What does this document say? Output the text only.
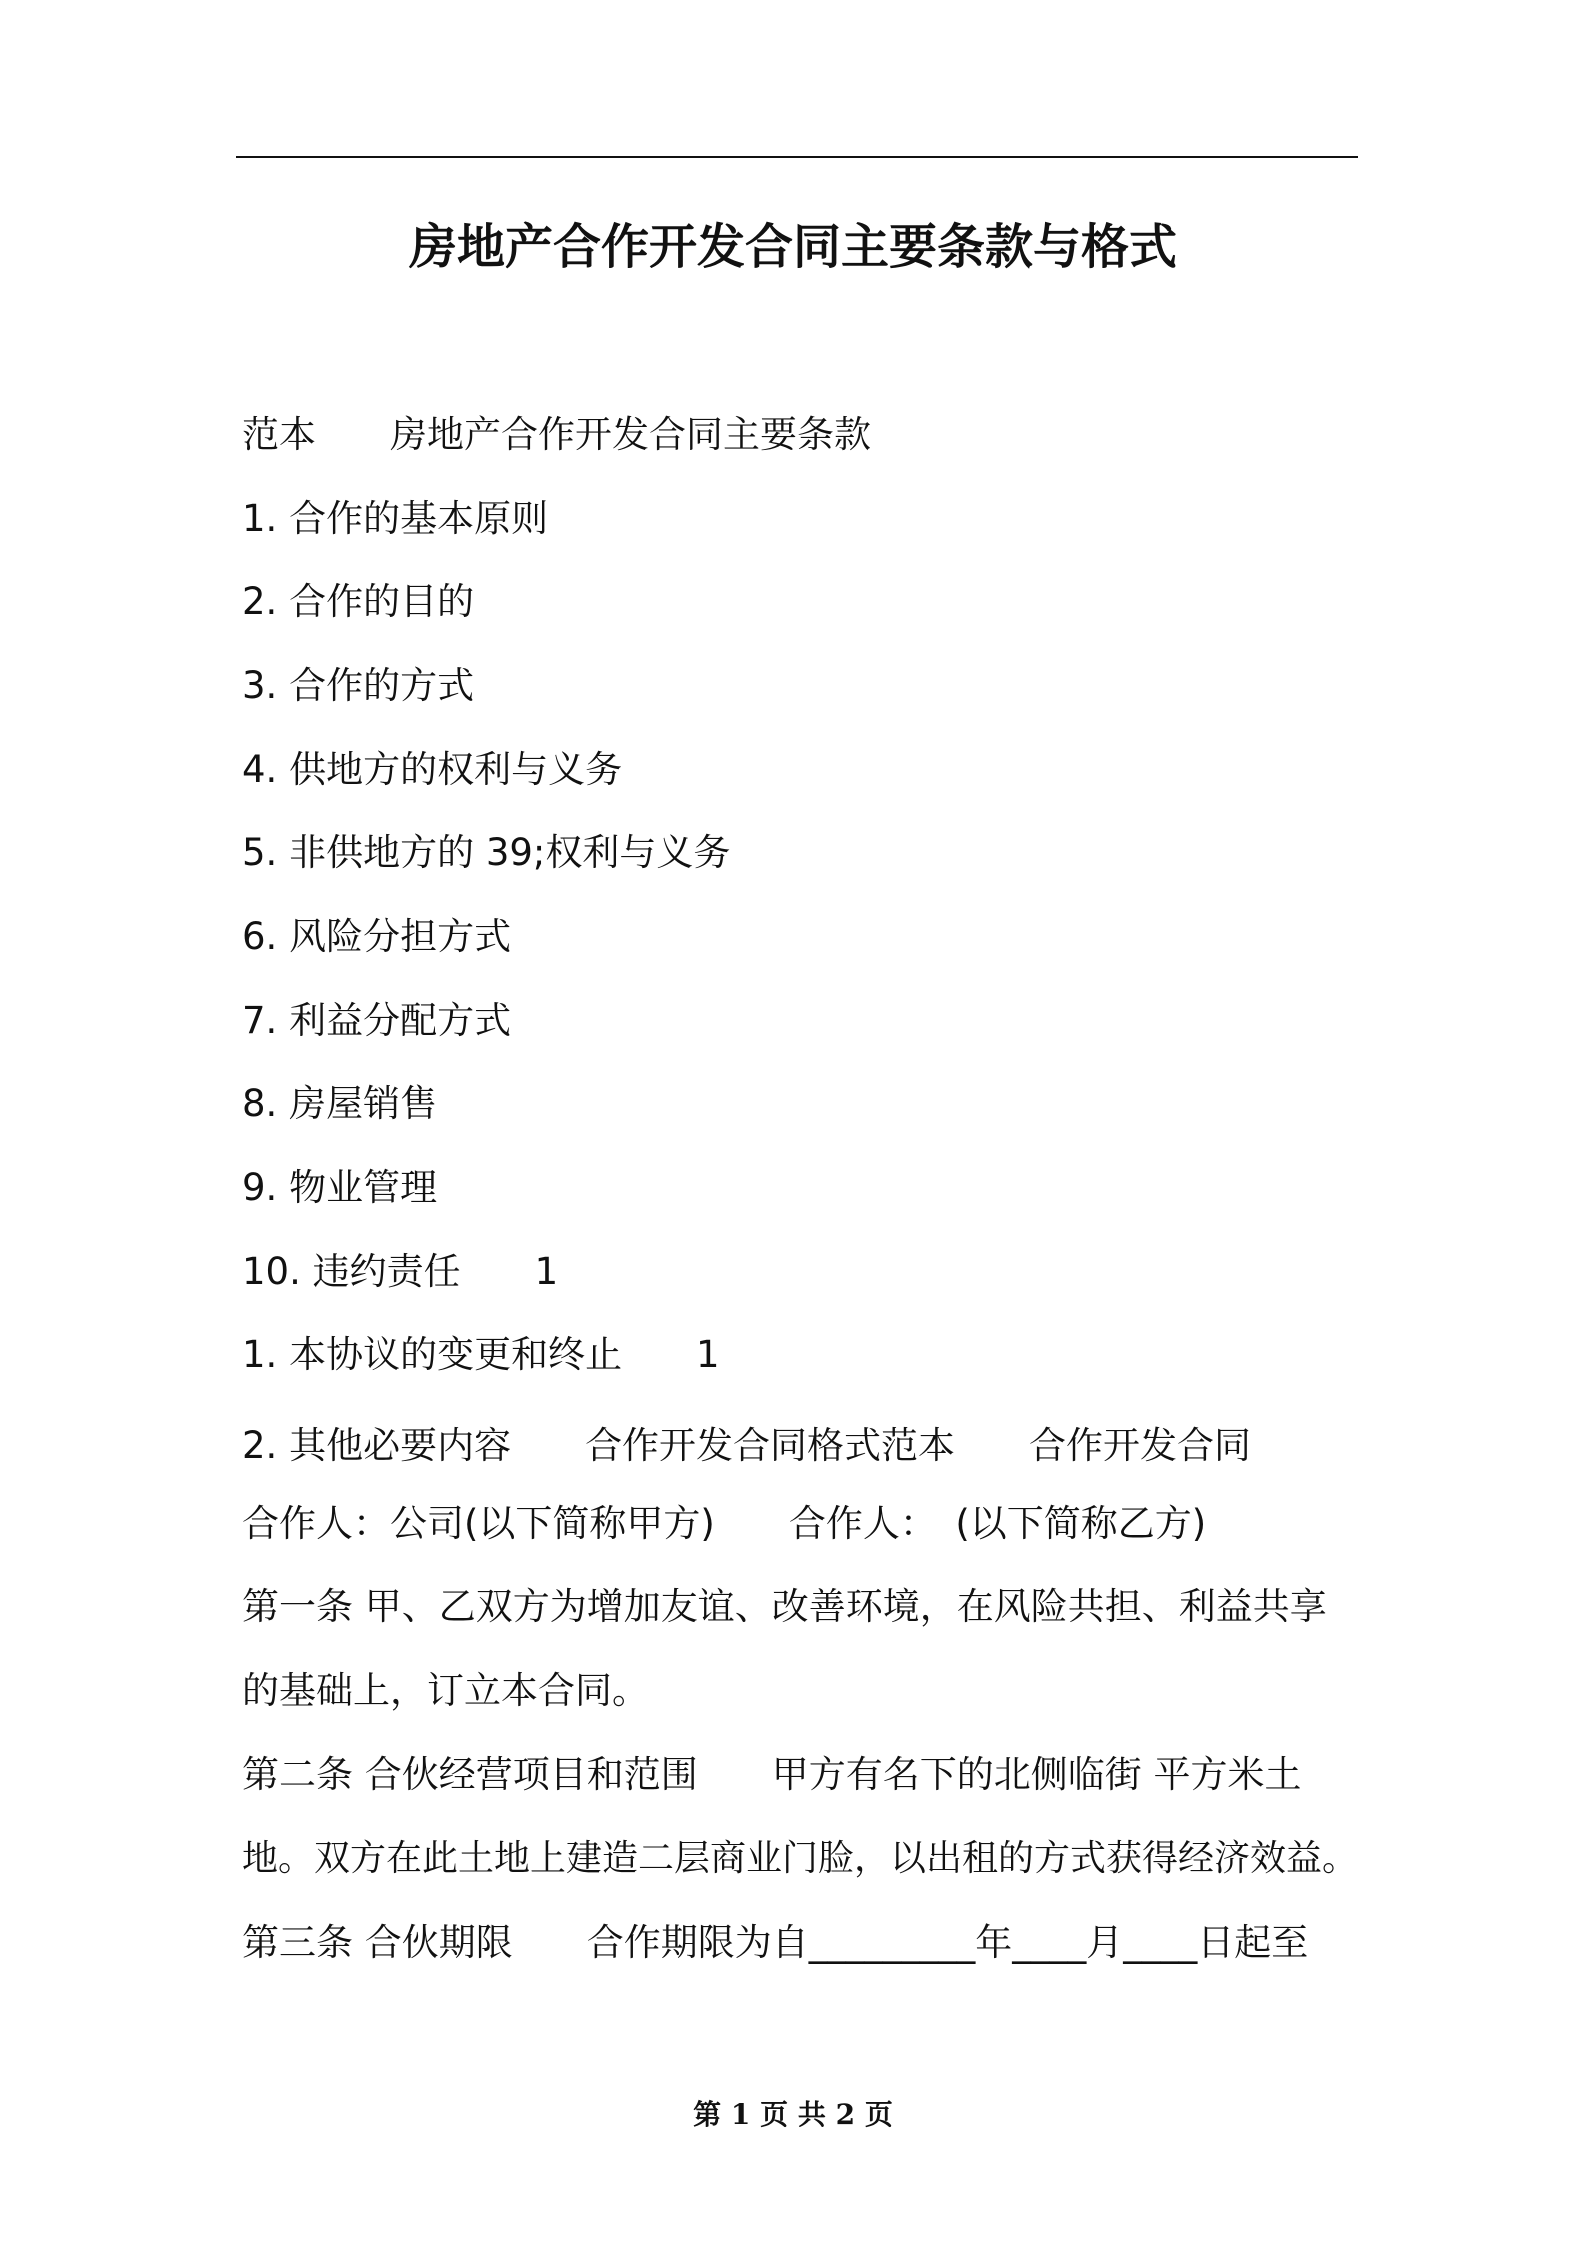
房地产合作开发合同主要条款与格式
范本　　房地产合作开发合同主要条款
1. 合作的基本原则
2. 合作的目的
3. 合作的方式
4. 供地方的权利与义务
5. 非供地方的 39;权利与义务
6. 风险分担方式
7. 利益分配方式
8. 房屋销售
9. 物业管理
10. 违约责任　　1
1. 本协议的变更和终止　　1
2. 其他必要内容　　合作开发合同格式范本　　合作开发合同
合作人：公司(以下简称甲方)　　合作人：　(以下简称乙方)
第一条 甲、乙双方为增加友谊、改善环境，在风险共担、利益共享
的基础上，订立本合同。
第二条 合伙经营项目和范围　　甲方有名下的北侧临街 平方米土
地。双方在此土地上建造二层商业门脸，以出租的方式获得经济效益。
第三条 合伙期限　　合作期限为自_________年____月____日起至
第 1 页 共 2 页
